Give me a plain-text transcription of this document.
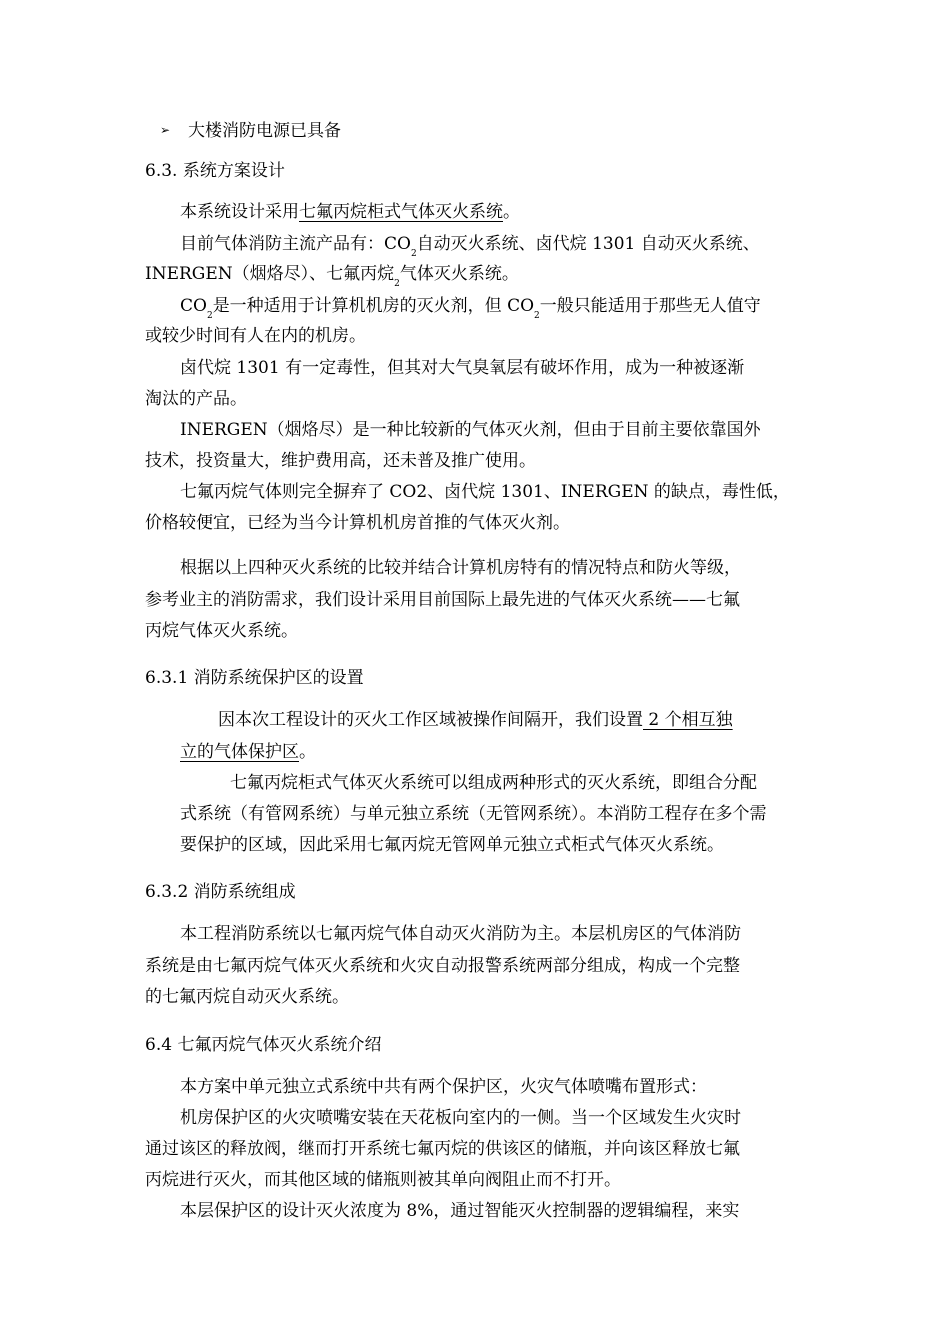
➢ 大楼消防电源已具备
6.3. 系统方案设计
本系统设计采用七氟丙烷柜式气体灭火系统。
目前气体消防主流产品有：$CO_2$自动灭火系统、卤代烷 1301 自动灭火系统、
INERGEN（烟烙尽）、七氟丙烷$_2$气体灭火系统。
$CO_2$是一种适用于计算机机房的灭火剂，但 $CO_2$一般只能适用于那些无人值守
或较少时间有人在内的机房。
卤代烷 1301 有一定毒性，但其对大气臭氧层有破坏作用，成为一种被逐渐
淘汰的产品。
INERGEN（烟烙尽）是一种比较新的气体灭火剂，但由于目前主要依靠国外
技术，投资量大，维护费用高，还未普及推广使用。
七氟丙烷气体则完全摒弃了 CO2、卤代烷 1301、INERGEN 的缺点，毒性低，
价格较便宜，已经为当今计算机机房首推的气体灭火剂。
根据以上四种灭火系统的比较并结合计算机房特有的情况特点和防火等级，
参考业主的消防需求，我们设计采用目前国际上最先进的气体灭火系统——七氟
丙烷气体灭火系统。
6.3.1 消防系统保护区的设置
因本次工程设计的灭火工作区域被操作间隔开，我们设置 2 个相互独
立的气体保护区。
七氟丙烷柜式气体灭火系统可以组成两种形式的灭火系统，即组合分配
式系统（有管网系统）与单元独立系统（无管网系统）。本消防工程存在多个需
要保护的区域，因此采用七氟丙烷无管网单元独立式柜式气体灭火系统。
6.3.2 消防系统组成
本工程消防系统以七氟丙烷气体自动灭火消防为主。本层机房区的气体消防
系统是由七氟丙烷气体灭火系统和火灾自动报警系统两部分组成，构成一个完整
的七氟丙烷自动灭火系统。
6.4 七氟丙烷气体灭火系统介绍
本方案中单元独立式系统中共有两个保护区，火灾气体喷嘴布置形式：
机房保护区的火灾喷嘴安装在天花板向室内的一侧。当一个区域发生火灾时
通过该区的释放阀，继而打开系统七氟丙烷的供该区的储瓶，并向该区释放七氟
丙烷进行灭火，而其他区域的储瓶则被其单向阀阻止而不打开。
本层保护区的设计灭火浓度为 8%，通过智能灭火控制器的逻辑编程，来实
